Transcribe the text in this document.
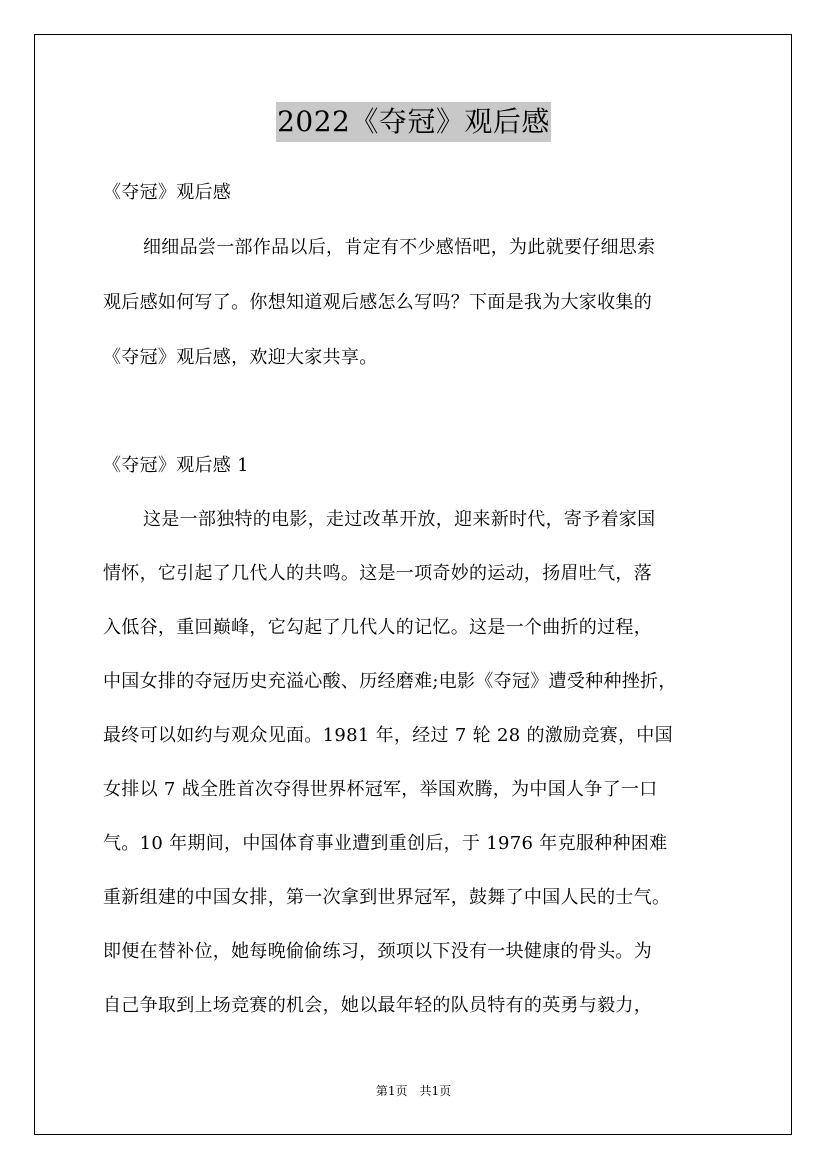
2022《夺冠》观后感
《夺冠》观后感
细细品尝一部作品以后，肯定有不少感悟吧，为此就要仔细思索
观后感如何写了。你想知道观后感怎么写吗？下面是我为大家收集的
《夺冠》观后感，欢迎大家共享。
《夺冠》观后感 1
这是一部独特的电影，走过改革开放，迎来新时代，寄予着家国
情怀，它引起了几代人的共鸣。这是一项奇妙的运动，扬眉吐气，落
入低谷，重回巅峰，它勾起了几代人的记忆。这是一个曲折的过程，
中国女排的夺冠历史充溢心酸、历经磨难;电影《夺冠》遭受种种挫折，
最终可以如约与观众见面。1981 年，经过 7 轮 28 的激励竞赛，中国
女排以 7 战全胜首次夺得世界杯冠军，举国欢腾，为中国人争了一口
气。10 年期间，中国体育事业遭到重创后，于 1976 年克服种种困难
重新组建的中国女排，第一次拿到世界冠军，鼓舞了中国人民的士气。
即便在替补位，她每晚偷偷练习，颈项以下没有一块健康的骨头。为
自己争取到上场竞赛的机会，她以最年轻的队员特有的英勇与毅力，
第1页　共1页
